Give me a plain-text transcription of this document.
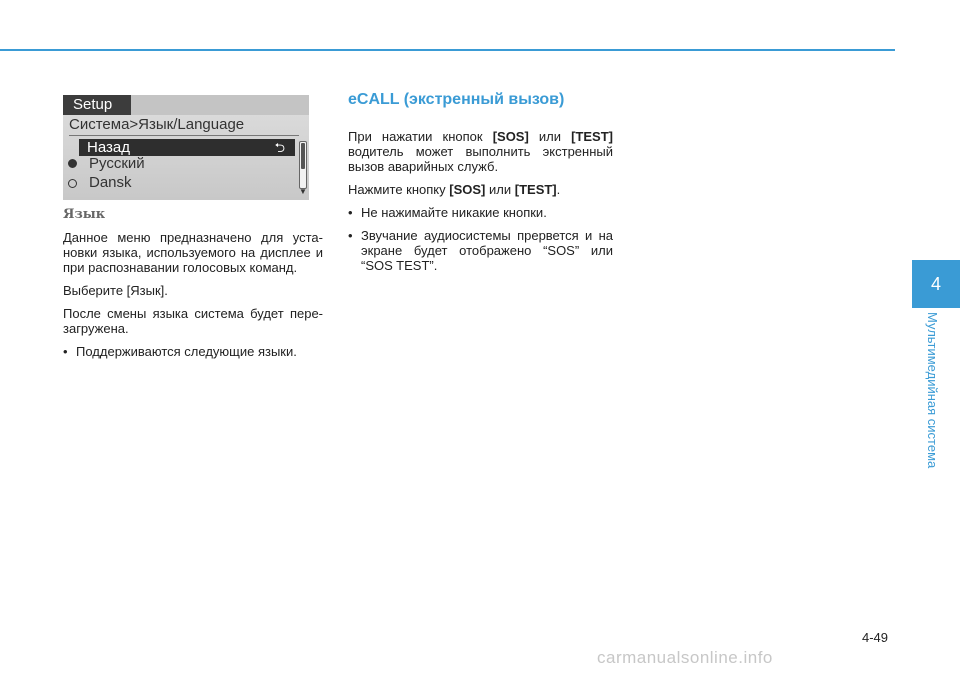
Setup
Система>Язык/Language
Назад	⮌
Русский
Dansk
▼
Язык

Данное меню предназначено для уста-новки языка, используемого на дисплее и при распознавании голосовых команд.

Выберите [Язык].

После смены языка система будет пере-загружена.

• Поддерживаются следующие языки.

eCALL (экстренный вызов)

При нажатии кнопок [SOS] или [TEST] водитель может выполнить экстренный вызов аварийных служб.

Нажмите кнопку [SOS] или [TEST].

• Не нажимайте никакие кнопки.

• Звучание аудиосистемы прервется и на экране будет отображено “SOS” или “SOS TEST”.

4
Мультимедийная система
4-49
carmanualsonline.info
